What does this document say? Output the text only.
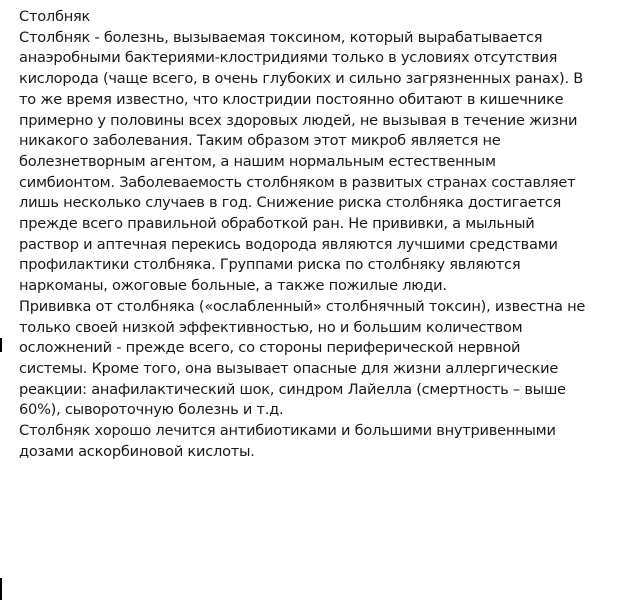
Столбняк
Столбняк - болезнь, вызываемая токсином, который вырабатывается
анаэробными бактериями-клостридиями только в условиях отсутствия
кислорода (чаще всего, в очень глубоких и сильно загрязненных ранах). В
то же время известно, что клостридии постоянно обитают в кишечнике
примерно у половины всех здоровых людей, не вызывая в течение жизни
никакого заболевания. Таким образом этот микроб является не
болезнетворным агентом, а нашим нормальным естественным
симбионтом. Заболеваемость столбняком в развитых странах составляет
лишь несколько случаев в год. Снижение риска столбняка достигается
прежде всего правильной обработкой ран. Не прививки, а мыльный
раствор и аптечная перекись водорода являются лучшими средствами
профилактики столбняка. Группами риска по столбняку являются
наркоманы, ожоговые больные, а также пожилые люди.
Прививка от столбняка («ослабленный» столбнячный токсин), известна не
только своей низкой эффективностью, но и большим количеством
осложнений - прежде всего, со стороны периферической нервной
системы. Кроме того, она вызывает опасные для жизни аллергические
реакции: анафилактический шок, синдром Лайелла (смертность – выше
60%), сывороточную болезнь и т.д.
Столбняк хорошо лечится антибиотиками и большими внутривенными
дозами аскорбиновой кислоты.
